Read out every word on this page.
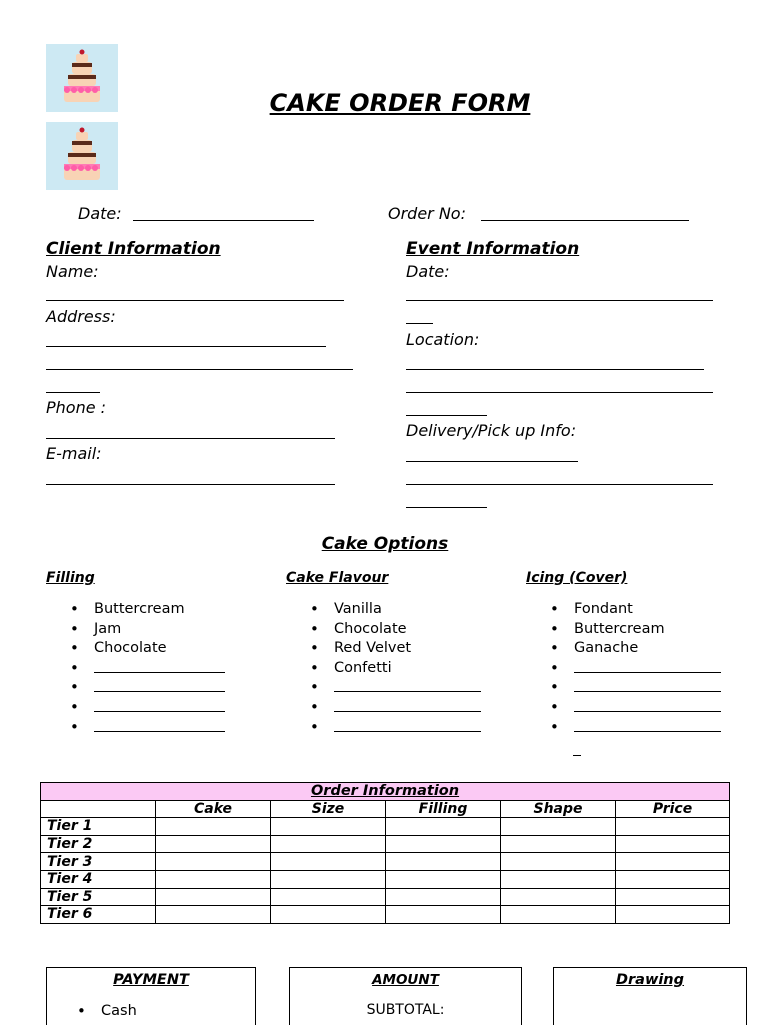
CAKE ORDER FORM
Date:	Order No:
Client Information
Name:
Address:
Phone :
E-mail:
Event Information
Date:
Location:
Delivery/Pick up Info:
Cake Options
Filling
• Buttercream
• Jam
• Chocolate
•
•
•
•
Cake Flavour
• Vanilla
• Chocolate
• Red Velvet
• Confetti
•
•
•
Icing (Cover)
• Fondant
• Buttercream
• Ganache
•
•
•
•
Order Information					
	Cake	Size	Filling	Shape	Price
Tier 1					
Tier 2					
Tier 3					
Tier 4					
Tier 5					
Tier 6					
PAYMENT
• Cash
AMOUNT
SUBTOTAL:
Drawing
